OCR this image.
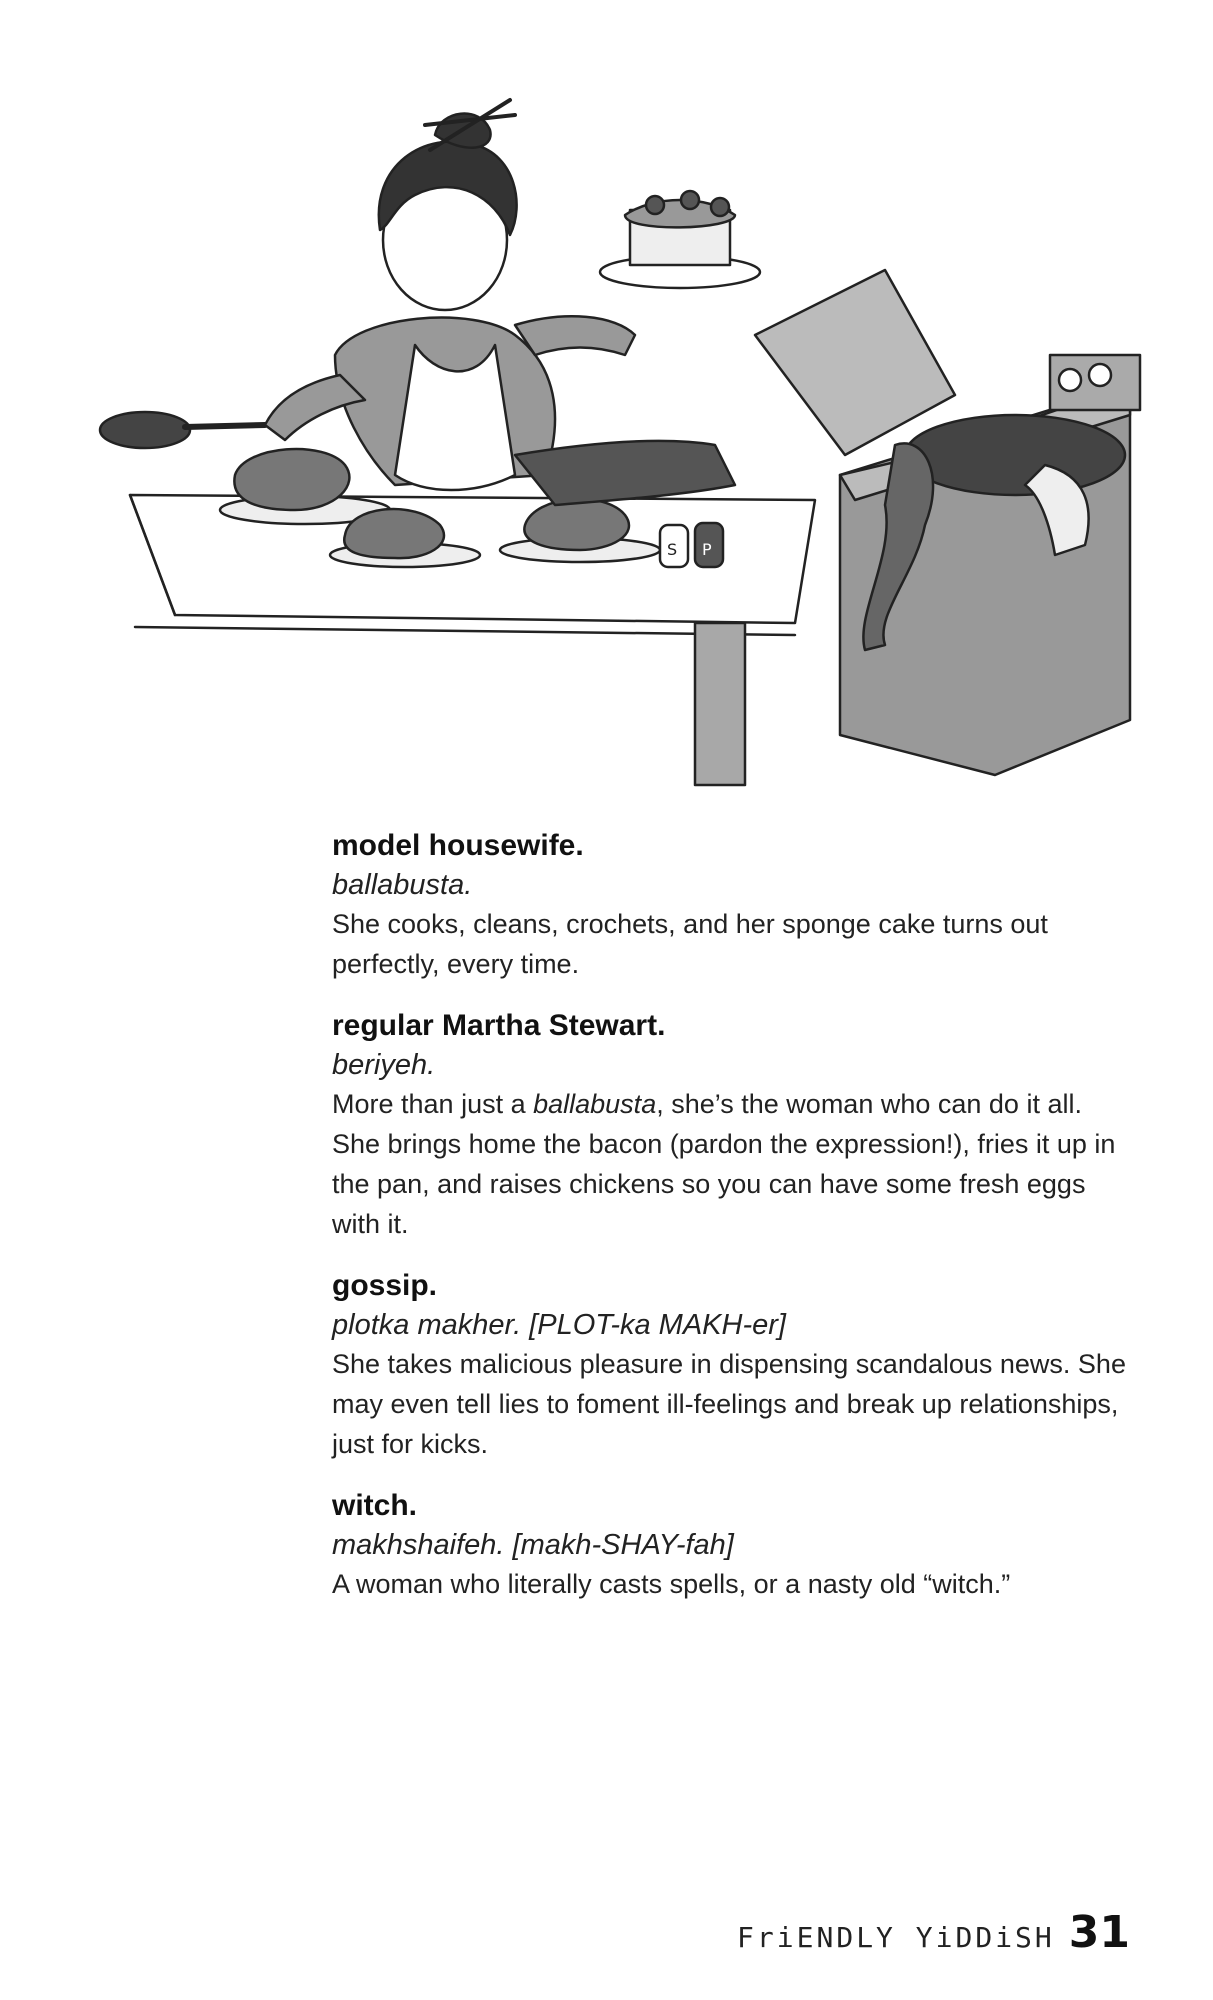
S P
model housewife.
ballabusta.
She cooks, cleans, crochets, and her sponge cake turns out perfectly, every time.
regular Martha Stewart.
beriyeh.
More than just a ballabusta, she’s the woman who can do it all. She brings home the bacon (pardon the expression!), fries it up in the pan, and raises chickens so you can have some fresh eggs with it.
gossip.
plotka makher. [PLOT-ka MAKH-er]
She takes malicious pleasure in dispensing scandalous news. She may even tell lies to foment ill-feelings and break up relationships, just for kicks.
witch.
makhshaifeh. [makh-SHAY-fah]
A woman who literally casts spells, or a nasty old “witch.”
FriENDLY YiDDiSH 31
